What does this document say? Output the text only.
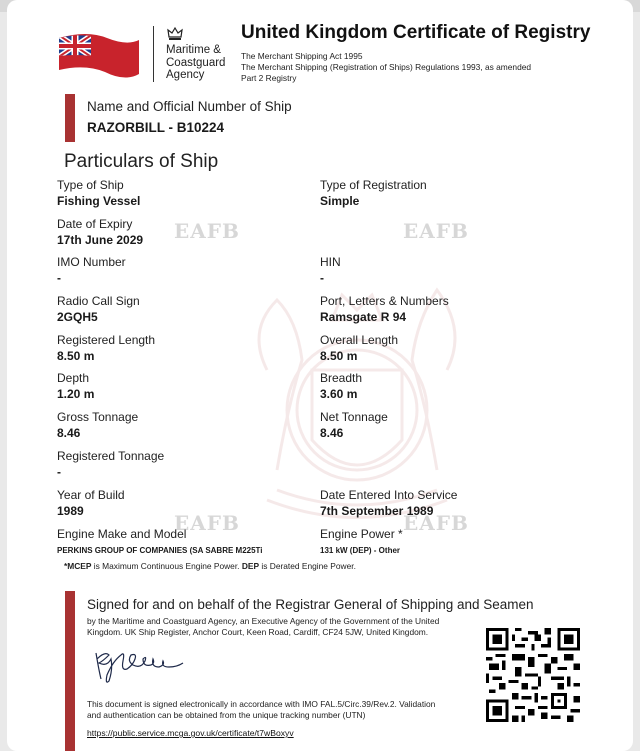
EAFB	EAFB
EAFB	EAFB
Maritime &
Coastguard
Agency
United Kingdom Certificate of Registry
The Merchant Shipping Act 1995
The Merchant Shipping (Registration of Ships) Regulations 1993, as amended
Part 2 Registry
Name and Official Number of Ship
RAZORBILL - B10224
Particulars of Ship
Type of Ship
Fishing Vessel
Type of Registration
Simple
Date of Expiry
17th June 2029
IMO Number
-
HIN
-
Radio Call Sign
2GQH5
Port, Letters & Numbers
Ramsgate R 94
Registered Length
8.50 m
Overall Length
8.50 m
Depth
1.20 m
Breadth
3.60 m
Gross Tonnage
8.46
Net Tonnage
8.46
Registered Tonnage
-
Year of Build
1989
Date Entered Into Service
7th September 1989
Engine Make and Model
PERKINS GROUP OF COMPANIES (SA SABRE M225Ti
Engine Power *
131 kW (DEP) - Other
*MCEP is Maximum Continuous Engine Power. DEP is Derated Engine Power.
Signed for and on behalf of the Registrar General of Shipping and Seamen
by the Maritime and Coastguard Agency, an Executive Agency of the Government of the United Kingdom. UK Ship Register, Anchor Court, Keen Road, Cardiff, CF24 5JW, United Kingdom.
This document is signed electronically in accordance with IMO FAL.5/Circ.39/Rev.2. Validation and authentication can be obtained from the unique tracking number (UTN)
https://public.service.mcga.gov.uk/certificate/t7wBoxyv
